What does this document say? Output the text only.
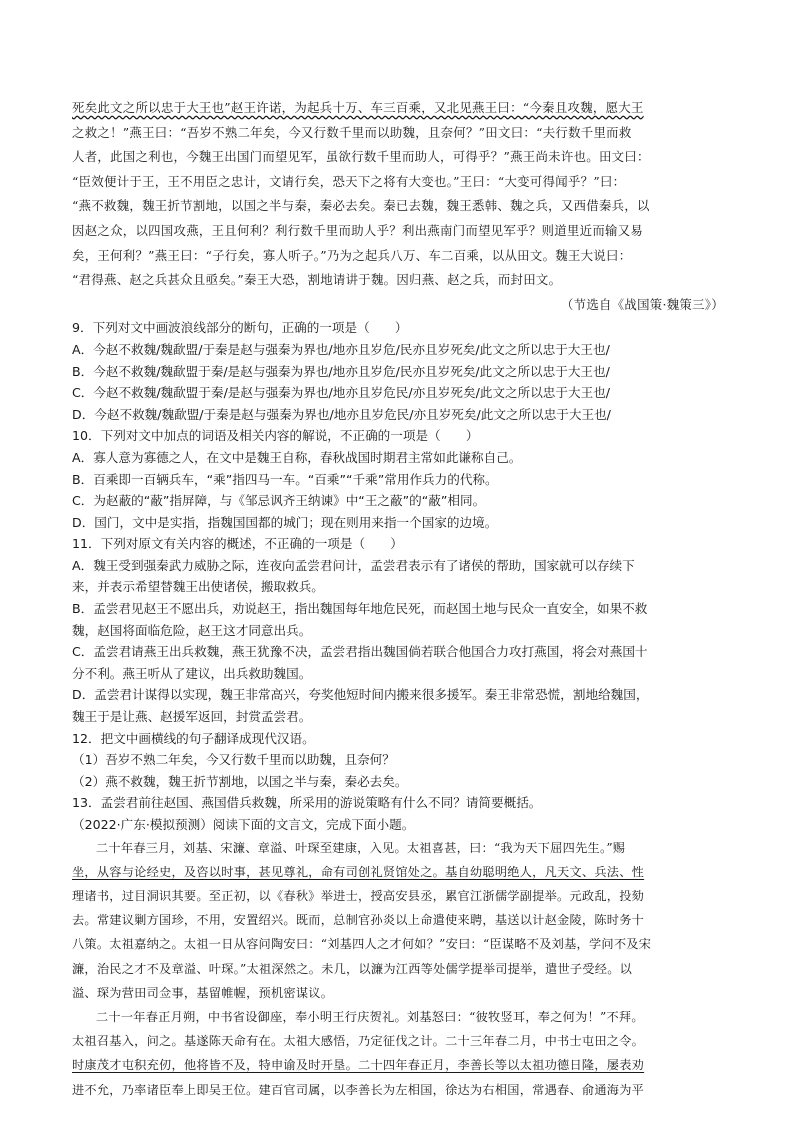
死矣此文之所以忠于大王也”赵王许诺，为起兵十万、车三百乘，又北见燕王曰：“今秦且攻魏，愿大王
之救之！”燕王曰：“吾岁不熟二年矣，今又行数千里而以助魏，且奈何？”田文曰：“夫行数千里而救
人者，此国之利也，今魏王出国门而望见军，虽欲行数千里而助人，可得乎？”燕王尚未许也。田文曰：
“臣效便计于王，王不用臣之忠计，文请行矣，恐天下之将有大变也。”王曰：“大变可得闻乎？”曰：
“燕不救魏，魏王折节割地，以国之半与秦，秦必去矣。秦已去魏，魏王悉韩、魏之兵，又西借秦兵，以
因赵之众，以四国攻燕，王且何利？利行数千里而助人乎？利出燕南门而望见军乎？则道里近而输又易
矣，王何利？”燕王曰：“子行矣，寡人听子。”乃为之起兵八万、车二百乘，以从田文。魏王大说曰：
“君得燕、赵之兵甚众且亟矣。”秦王大恐，割地请讲于魏。因归燕、赵之兵，而封田文。
（节选自《战国策·魏策三》）

9．下列对文中画波浪线部分的断句，正确的一项是（　　）

A．今赵不救魏/魏歃盟/于秦是赵与强秦为界也/地亦且岁危/民亦且岁死矣/此文之所以忠于大王也/

B．今赵不救魏/魏歃盟于秦/是赵与强秦为界也/地亦且岁危/民亦且岁死矣/此文之所以忠于大王也/

C．今赵不救魏/魏歃盟于秦/是赵与强秦为界也/地亦且岁危民/亦且岁死矣/此文之所以忠于大王也/

D．今赵不救魏/魏歃盟/于秦是赵与强秦为界也/地亦且岁危民/亦且岁死矣/此文之所以忠于大王也/

10．下列对文中加点的词语及相关内容的解说，不正确的一项是（　　）

A．寡人意为寡德之人，在文中是魏王自称，春秋战国时期君主常如此谦称自己。

B．百乘即一百辆兵车，“乘”指四马一车。“百乘”“千乘”常用作兵力的代称。

C．为赵蔽的“蔽”指屏障，与《邹忌讽齐王纳谏》中“王之蔽”的“蔽”相同。

D．国门，文中是实指，指魏国国都的城门；现在则用来指一个国家的边境。

11．下列对原文有关内容的概述，不正确的一项是（　　）

A．魏王受到强秦武力威胁之际，连夜向孟尝君问计，孟尝君表示有了诸侯的帮助，国家就可以存续下

来，并表示希望替魏王出使诸侯，搬取救兵。

B．孟尝君见赵王不愿出兵，劝说赵王，指出魏国每年地危民死，而赵国土地与民众一直安全，如果不救

魏，赵国将面临危险，赵王这才同意出兵。

C．孟尝君请燕王出兵救魏，燕王犹豫不决，孟尝君指出魏国倘若联合他国合力攻打燕国，将会对燕国十

分不利。燕王听从了建议，出兵救助魏国。

D．孟尝君计谋得以实现，魏王非常高兴，夸奖他短时间内搬来很多援军。秦王非常恐慌，割地给魏国，

魏王于是让燕、赵援军返回，封赏孟尝君。

12．把文中画横线的句子翻译成现代汉语。

（1）吾岁不熟二年矣，今又行数千里而以助魏，且奈何？

（2）燕不救魏，魏王折节割地，以国之半与秦，秦必去矣。

13．孟尝君前往赵国、燕国借兵救魏，所采用的游说策略有什么不同？请简要概括。

（2022·广东·模拟预测）阅读下面的文言文，完成下面小题。

二十年春三月，刘基、宋濂、章溢、叶琛至建康，入见。太祖喜甚，曰：“我为天下屈四先生。”赐
坐，从容与论经史，及咨以时事，甚见尊礼，命有司创礼贤馆处之。基自幼聪明绝人，凡天文、兵法、性
理诸书，过目洞识其要。至正初，以《春秋》举进士，授高安县丞，累官江浙儒学副提举。元政乱，投劾
去。常建议剿方国珍，不用，安置绍兴。既而，总制官孙炎以上命遣使来聘，基送以计赵金陵，陈时务十
八策。太祖嘉纳之。太祖一日从容问陶安曰：“刘基四人之才何如？”安曰：“臣谋略不及刘基，学问不及宋
濂，治民之才不及章溢、叶琛。”太祖深然之。未几，以濂为江西等处儒学提举司提举，遣世子受经。以
溢、琛为营田司佥事，基留帷幄，预机密谋议。
二十一年春正月朔，中书省设御座，奉小明王行庆贺礼。刘基怒曰：“彼牧竖耳，奉之何为！”不拜。
太祖召基入，问之。基遂陈天命有在。太祖大感悟，乃定征伐之计。二十三年春二月，中书士屯田之令。
时康茂才屯积充仞，他将皆不及，特申谕及时开垦。二十四年春正月，李善长等以太祖功德日隆，屡表劝
进不允，乃率诸臣奉上即吴王位。建百官司属，以李善长为左相国，徐达为右相国，常遇春、俞通海为平
